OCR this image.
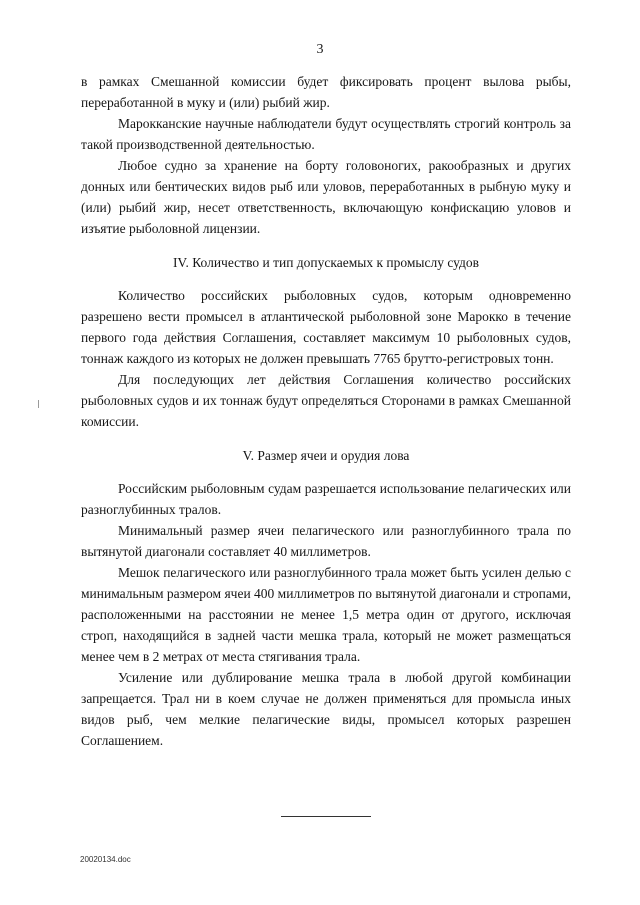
3

в рамках Смешанной комиссии будет фиксировать процент вылова рыбы, переработанной в муку и (или) рыбий жир.

Марокканские научные наблюдатели будут осуществлять строгий контроль за такой производственной деятельностью.

Любое судно за хранение на борту головоногих, ракообразных и других донных или бентических видов рыб или уловов, переработанных в рыбную муку и (или) рыбий жир, несет ответственность, включающую конфискацию уловов и изъятие рыболовной лицензии.

IV. Количество и тип допускаемых к промыслу судов

Количество российских рыболовных судов, которым одновременно разрешено вести промысел в атлантической рыболовной зоне Марокко в течение первого года действия Соглашения, составляет максимум 10 рыболовных судов, тоннаж каждого из которых не должен превышать 7765 брутто-регистровых тонн.

Для последующих лет действия Соглашения количество российских рыболовных судов и их тоннаж будут определяться Сторонами в рамках Смешанной комиссии.

V. Размер ячеи и орудия лова

Российским рыболовным судам разрешается использование пелагических или разноглубинных тралов.

Минимальный размер ячеи пелагического или разноглубинного трала по вытянутой диагонали составляет 40 миллиметров.

Мешок пелагического или разноглубинного трала может быть усилен делью с минимальным размером ячеи 400 миллиметров по вытянутой диагонали и стропами, расположенными на расстоянии не менее 1,5 метра один от другого, исключая строп, находящийся в задней части мешка трала, который не может размещаться менее чем в 2 метрах от места стягивания трала.

Усиление или дублирование мешка трала в любой другой комбинации запрещается. Трал ни в коем случае не должен применяться для промысла иных видов рыб, чем мелкие пелагические виды, промысел которых разрешен Соглашением.

20020134.doc
